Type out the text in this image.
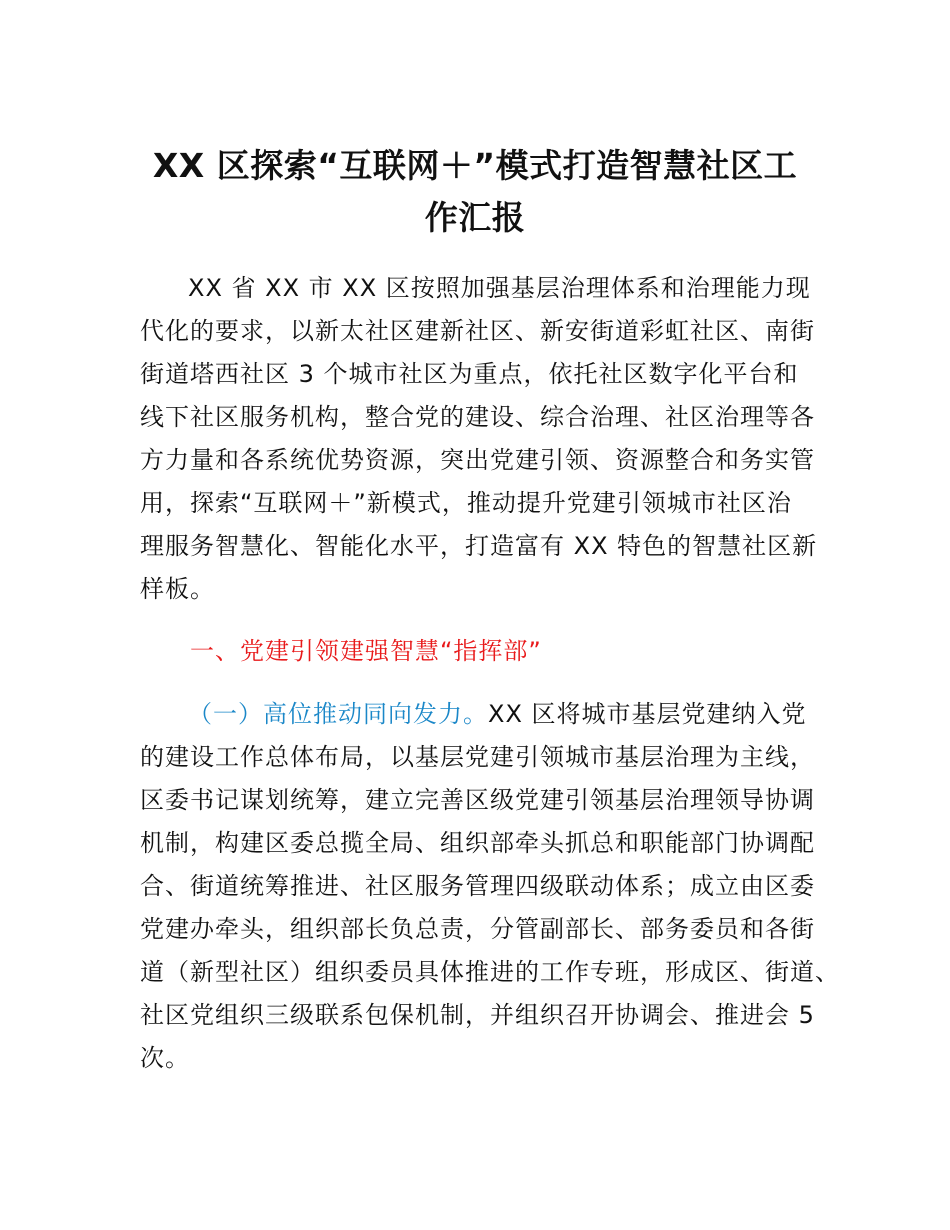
XX 区探索“互联网＋”模式打造智慧社区工
作汇报
XX 省 XX 市 XX 区按照加强基层治理体系和治理能力现
代化的要求，以新太社区建新社区、新安街道彩虹社区、南街
街道塔西社区 3 个城市社区为重点，依托社区数字化平台和
线下社区服务机构，整合党的建设、综合治理、社区治理等各
方力量和各系统优势资源，突出党建引领、资源整合和务实管
用，探索“互联网＋”新模式，推动提升党建引领城市社区治
理服务智慧化、智能化水平，打造富有 XX 特色的智慧社区新
样板。
一、党建引领建强智慧“指挥部”
（一）高位推动同向发力。XX 区将城市基层党建纳入党
的建设工作总体布局，以基层党建引领城市基层治理为主线，
区委书记谋划统筹，建立完善区级党建引领基层治理领导协调
机制，构建区委总揽全局、组织部牵头抓总和职能部门协调配
合、街道统筹推进、社区服务管理四级联动体系；成立由区委
党建办牵头，组织部长负总责，分管副部长、部务委员和各街
道（新型社区）组织委员具体推进的工作专班，形成区、街道、
社区党组织三级联系包保机制，并组织召开协调会、推进会 5
次。
